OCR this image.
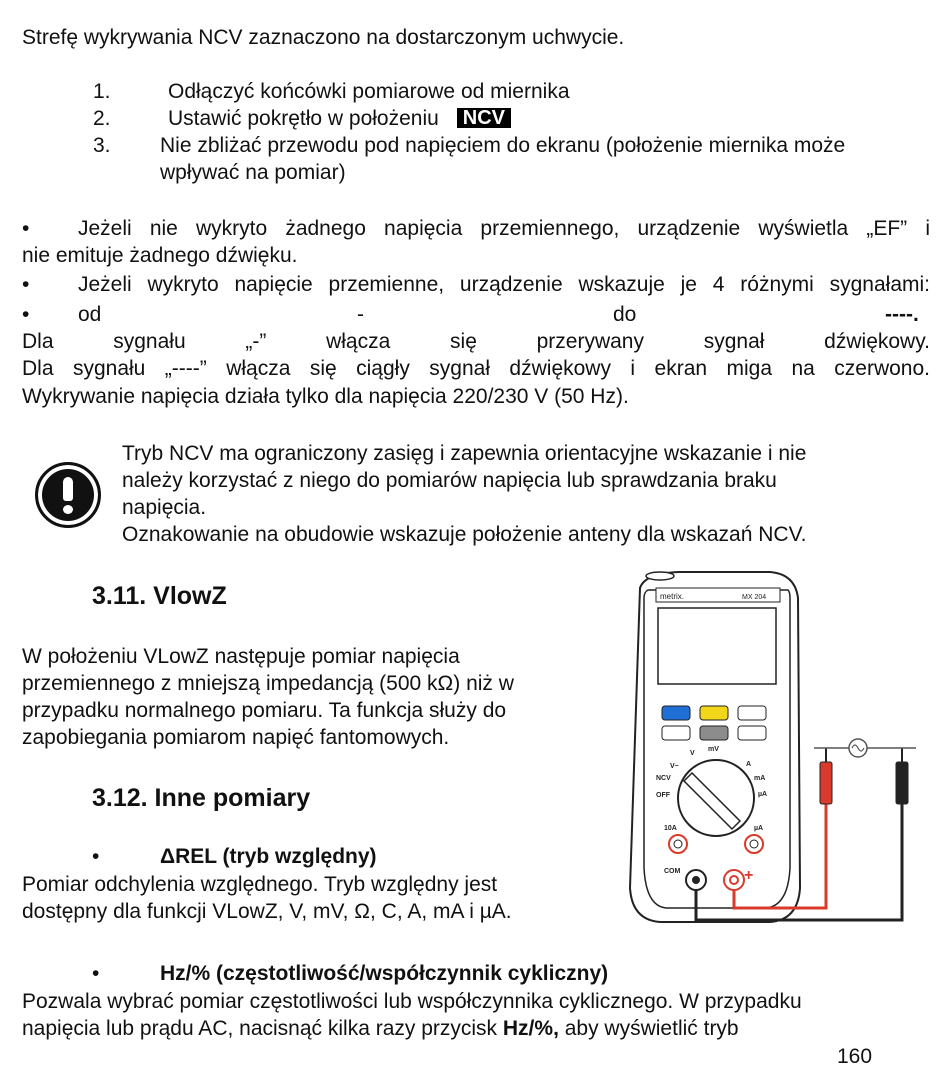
Strefę wykrywania NCV zaznaczono na dostarczonym uchwycie.
1.	Odłączyć końcówki pomiarowe od miernika
2.	Ustawić pokrętło w położeniu NCV
3. Nie zbliżać przewodu pod napięciem do ekranu (położenie miernika może
wpływać na pomiar)
• Jeżeli nie wykryto żadnego napięcia przemiennego, urządzenie wyświetla „EF” i
nie emituje żadnego dźwięku.
• Jeżeli wykryto napięcie przemienne, urządzenie wskazuje je 4 różnymi sygnałami:
• od	-	do	----.
Dla sygnału „-” włącza się przerywany sygnał dźwiękowy.
Dla sygnału „----” włącza się ciągły sygnał dźwiękowy i ekran miga na czerwono.
Wykrywanie napięcia działa tylko dla napięcia 220/230 V (50 Hz).
Tryb NCV ma ograniczony zasięg i zapewnia orientacyjne wskazanie i nie
należy korzystać z niego do pomiarów napięcia lub sprawdzania braku
napięcia.
Oznakowanie na obudowie wskazuje położenie anteny dla wskazań NCV.
3.11. VlowZ
W położeniu VLowZ następuje pomiar napięcia
przemiennego z mniejszą impedancją (500 kΩ) niż w
przypadku normalnego pomiaru. Ta funkcja służy do
zapobiegania pomiarom napięć fantomowych.
3.12. Inne pomiary
•	ΔREL (tryb względny)
Pomiar odchylenia względnego. Tryb względny jest
dostępny dla funkcji VLowZ, V, mV, Ω, C, A, mA i µA.
•	Hz/% (częstotliwość/współczynnik cykliczny)
Pozwala wybrać pomiar częstotliwości lub współczynnika cyklicznego. W przypadku
napięcia lub prądu AC, nacisnąć kilka razy przycisk Hz/%, aby wyświetlić tryb
160
metrix.	MX 204
V~
V
mV
A
mA
µA
NCV
OFF
10A	µA
COM	+
